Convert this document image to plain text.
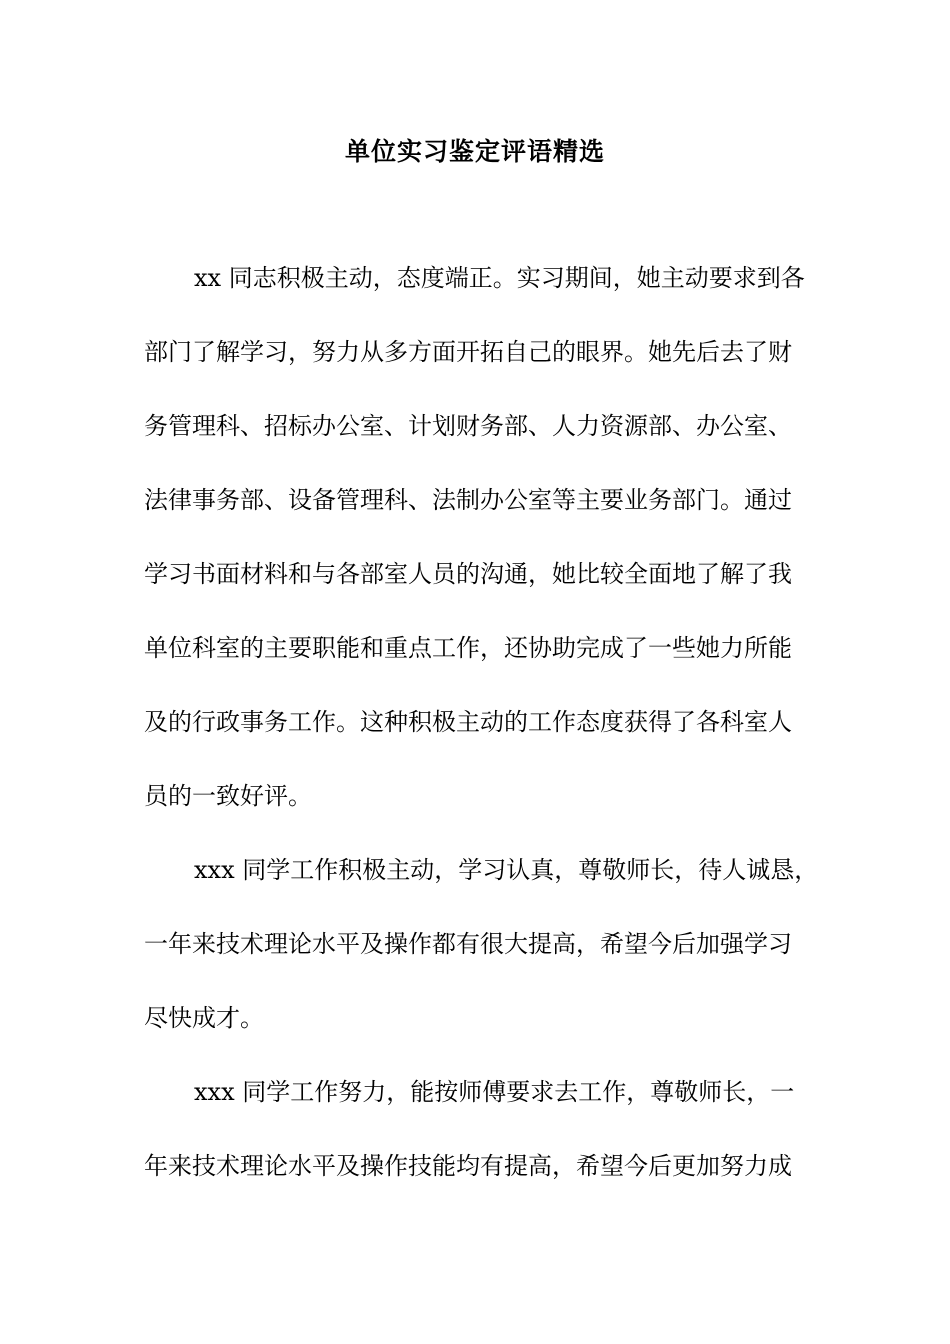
单位实习鉴定评语精选
xx 同志积极主动，态度端正。实习期间，她主动要求到各
部门了解学习，努力从多方面开拓自己的眼界。她先后去了财
务管理科、招标办公室、计划财务部、人力资源部、办公室、
法律事务部、设备管理科、法制办公室等主要业务部门。通过
学习书面材料和与各部室人员的沟通，她比较全面地了解了我
单位科室的主要职能和重点工作，还协助完成了一些她力所能
及的行政事务工作。这种积极主动的工作态度获得了各科室人
员的一致好评。
xxx 同学工作积极主动，学习认真，尊敬师长，待人诚恳，
一年来技术理论水平及操作都有很大提高，希望今后加强学习
尽快成才。
xxx 同学工作努力，能按师傅要求去工作，尊敬师长，一
年来技术理论水平及操作技能均有提高，希望今后更加努力成
